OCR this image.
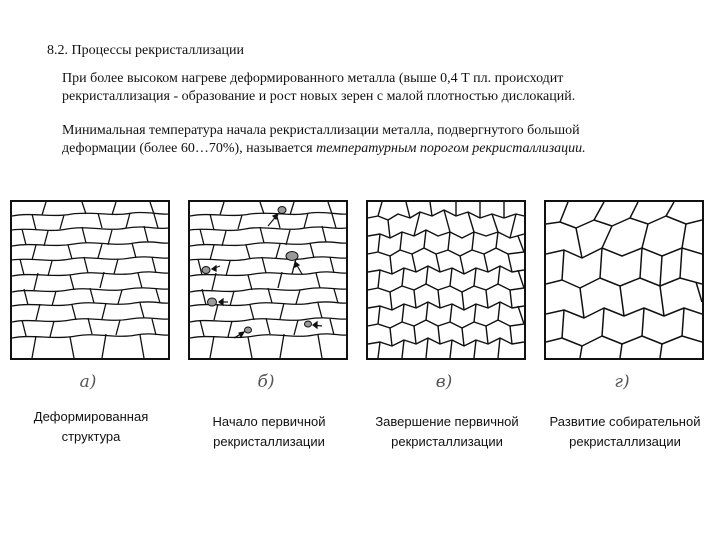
8.2. Процессы рекристаллизации
При более высоком нагреве деформированного металла (выше 0,4 Т пл. происходит
рекристаллизация - образование и рост новых зерен с малой плотностью дислокаций.
Минимальная температура начала рекристаллизации металла, подвергнутого большой
деформации (более 60…70%), называется температурным порогом рекристаллизации.
а)	б)	в)	г)
Деформированная
структура
Начало первичной
рекристаллизации
Завершение первичной
рекристаллизации
Развитие собирательной
рекристаллизации
